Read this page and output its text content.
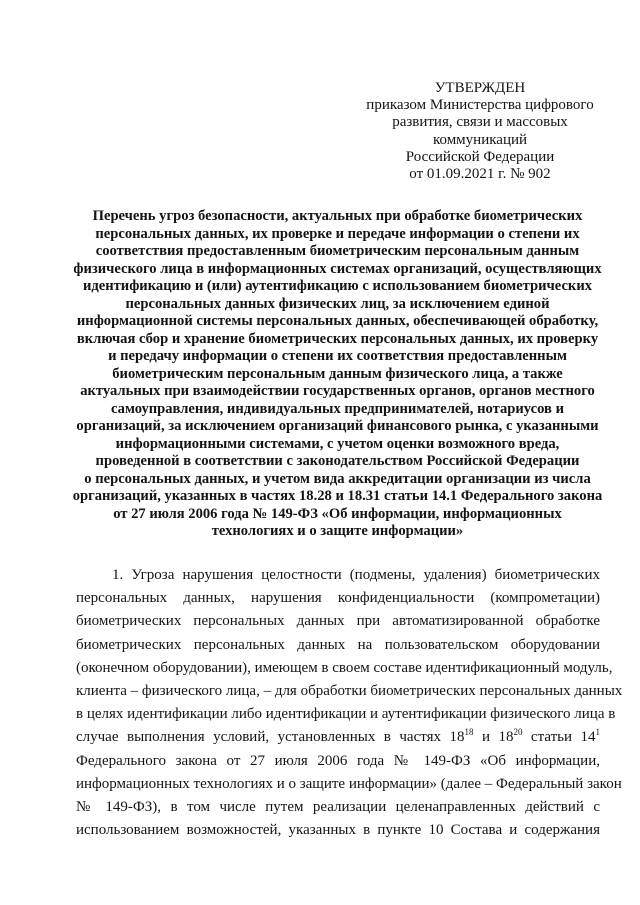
УТВЕРЖДЕН
приказом Министерства цифрового
развития, связи и массовых
коммуникаций
Российской Федерации
от 01.09.2021 г. № 902
Перечень угроз безопасности, актуальных при обработке биометрических
персональных данных, их проверке и передаче информации о степени их
соответствия предоставленным биометрическим персональным данным
физического лица в информационных системах организаций, осуществляющих
идентификацию и (или) аутентификацию с использованием биометрических
персональных данных физических лиц, за исключением единой
информационной системы персональных данных, обеспечивающей обработку,
включая сбор и хранение биометрических персональных данных, их проверку
и передачу информации о степени их соответствия предоставленным
биометрическим персональным данным физического лица, а также
актуальных при взаимодействии государственных органов, органов местного
самоуправления, индивидуальных предпринимателей, нотариусов и
организаций, за исключением организаций финансового рынка, с указанными
информационными системами, с учетом оценки возможного вреда,
проведенной в соответствии с законодательством Российской Федерации
о персональных данных, и учетом вида аккредитации организации из числа
организаций, указанных в частях 18.28 и 18.31 статьи 14.1 Федерального закона
от 27 июля 2006 года № 149-ФЗ «Об информации, информационных
технологиях и о защите информации»
1. Угроза нарушения целостности (подмены, удаления) биометрических
персональных данных, нарушения конфиденциальности (компрометации)
биометрических персональных данных при автоматизированной обработке
биометрических персональных данных на пользовательском оборудовании
(оконечном оборудовании), имеющем в своем составе идентификационный модуль,
клиента – физического лица, – для обработки биометрических персональных данных
в целях идентификации либо идентификации и аутентификации физического лица в
случае выполнения условий, установленных в частях $18^{18}$ и $18^{20}$ статьи $14^1$
Федерального закона от 27 июля 2006 года № 149-ФЗ «Об информации,
информационных технологиях и о защите информации» (далее – Федеральный закон
№ 149-ФЗ), в том числе путем реализации целенаправленных действий с
использованием возможностей, указанных в пункте 10 Состава и содержания
